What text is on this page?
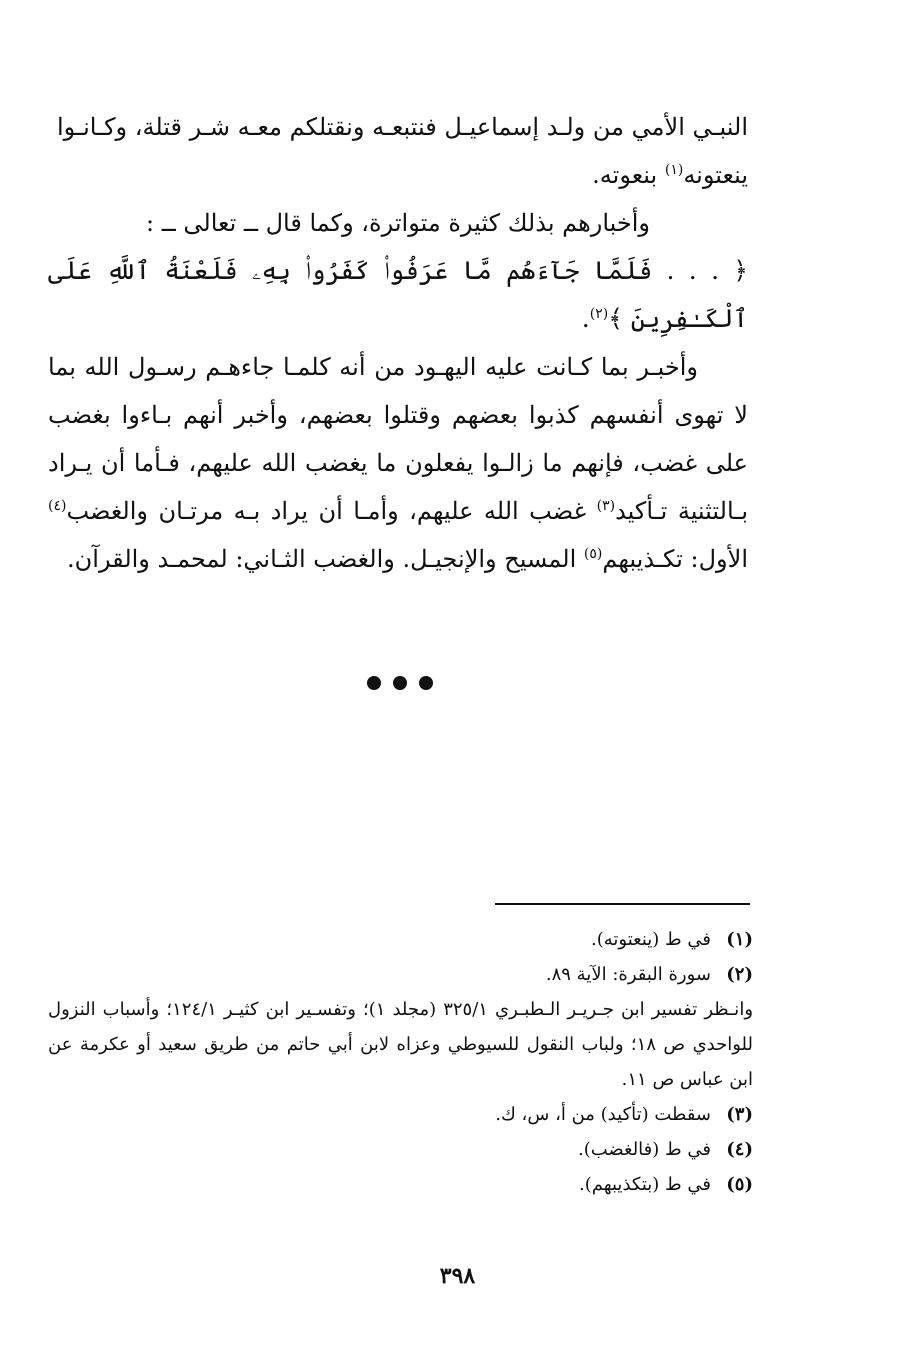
النبـي الأمي من ولـد إسماعيـل فنتبعـه ونقتلكم معـه شـر قتلة، وكـانـوا
ينعتونه$^{(١)}$ بنعوته.

وأخبارهم بذلك كثيرة متواترة، وكما قال ــ تعالى ــ :

﴿ . . . فَلَمَّا جَآءَهُم مَّا عَرَفُوا۟ كَفَرُوا۟ بِهِۦ فَلَعْنَةُ ٱللَّهِ عَلَى ٱلْكَـٰفِرِينَ ﴾$^{(٢)}$.

وأخبـر بما كـانت عليه اليهـود من أنه كلمـا جاءهـم رسـول الله بما لا تهوى أنفسهم كذبوا بعضهم وقتلوا بعضهم، وأخبر أنهم بـاءوا بغضب على غضب، فإنهم ما زالـوا يفعلون ما يغضب الله عليهم، فـأما أن يـراد بـالتثنية تـأكيد$^{(٣)}$ غضب الله عليهم، وأمـا أن يراد بـه مرتـان والغضب$^{(٤)}$ الأول: تكـذيبهم$^{(٥)}$ المسيح والإنجيـل. والغضب الثـاني: لمحمـد والقرآن.

(١)
في ط (ينعتوته).
(٢)
سورة البقرة: الآية ٨٩.

وانـظر تفسير ابن جـريـر الـطبـري ٣٢٥/١ (مجلد ١)؛ وتفسـير ابن كثيـر ١٢٤/١؛ وأسباب النزول للواحدي ص ١٨؛ ولباب النقول للسيوطي وعزاه لابن أبي حاتم من طريق سعيد أو عكرمة عن ابن عباس ص ١١.

(٣)
سقطت (تأكيد) من أ، س، ك.
(٤)
في ط (فالغضب).
(٥)
في ط (بتكذيبهم).
٣٩٨
